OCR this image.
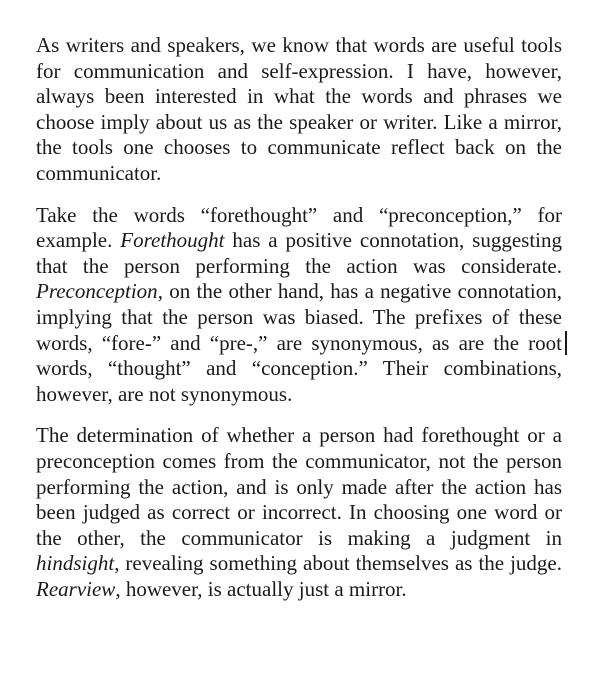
As writers and speakers, we know that words are useful tools for communication and self-expression. I have, however, always been interested in what the words and phrases we choose imply about us as the speaker or writer. Like a mirror, the tools one chooses to communicate reflect back on the communicator.

Take the words “forethought” and “preconception,” for example. Forethought has a positive connotation, suggesting that the person performing the action was considerate. Preconception, on the other hand, has a negative connotation, implying that the person was biased. The prefixes of these words, “fore-” and “pre-,” are synonymous, as are the root words, “thought” and “conception.” Their combinations, however, are not synonymous.

The determination of whether a person had forethought or a preconception comes from the communicator, not the person performing the action, and is only made after the action has been judged as correct or incorrect. In choosing one word or the other, the communicator is making a judgment in hindsight, revealing something about themselves as the judge. Rearview, however, is actually just a mirror.
